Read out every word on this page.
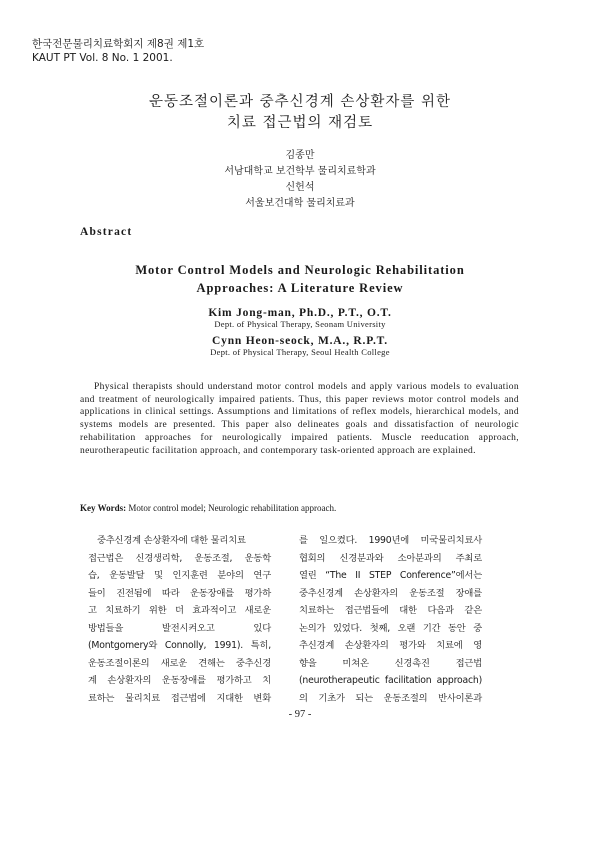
한국전문물리치료학회지 제8권 제1호
KAUT PT Vol. 8 No. 1 2001.
운동조절이론과 중추신경계 손상환자를 위한
치료 접근법의 재검토
김종만
서남대학교 보건학부 물리치료학과
신헌석
서울보건대학 물리치료과
Abstract
Motor Control Models and Neurologic Rehabilitation
Approaches: A Literature Review
Kim Jong-man, Ph.D., P.T., O.T.
Dept. of Physical Therapy, Seonam University
Cynn Heon-seock, M.A., R.P.T.
Dept. of Physical Therapy, Seoul Health College
Physical therapists should understand motor control models and apply various models to evaluation and treatment of neurologically impaired patients. Thus, this paper reviews motor control models and applications in clinical settings. Assumptions and limitations of reflex models, hierarchical models, and systems models are presented. This paper also delineates goals and dissatisfaction of neurologic rehabilitation approaches for neurologically impaired patients. Muscle reeducation approach, neurotherapeutic facilitation approach, and contemporary task-oriented approach are explained.
Key Words: Motor control model; Neurologic rehabilitation approach.
중추신경계 손상환자에 대한 물리치료
접근법은 신경생리학, 운동조절, 운동학
습, 운동발달 및 인지훈련 분야의 연구
들이 진전됨에 따라 운동장애를 평가하
고 치료하기 위한 더 효과적이고 새로운
방법들을 발전시켜오고 있다
(Montgomery와 Connolly, 1991). 특히,
운동조절이론의 새로운 견해는 중추신경
계 손상환자의 운동장애를 평가하고 치
료하는 물리치료 접근법에 지대한 변화
를 일으켰다. 1990년에 미국물리치료사
협회의 신경분과와 소아분과의 주최로
열린 “The II STEP Conference”에서는
중추신경계 손상환자의 운동조절 장애를
치료하는 접근법들에 대한 다음과 같은
논의가 있었다. 첫째, 오랜 기간 동안 중
추신경계 손상환자의 평가와 치료에 영
향을 미쳐온 신경촉진 접근법
(neurotherapeutic facilitation approach)
의 기초가 되는 운동조절의 반사이론과
- 97 -
